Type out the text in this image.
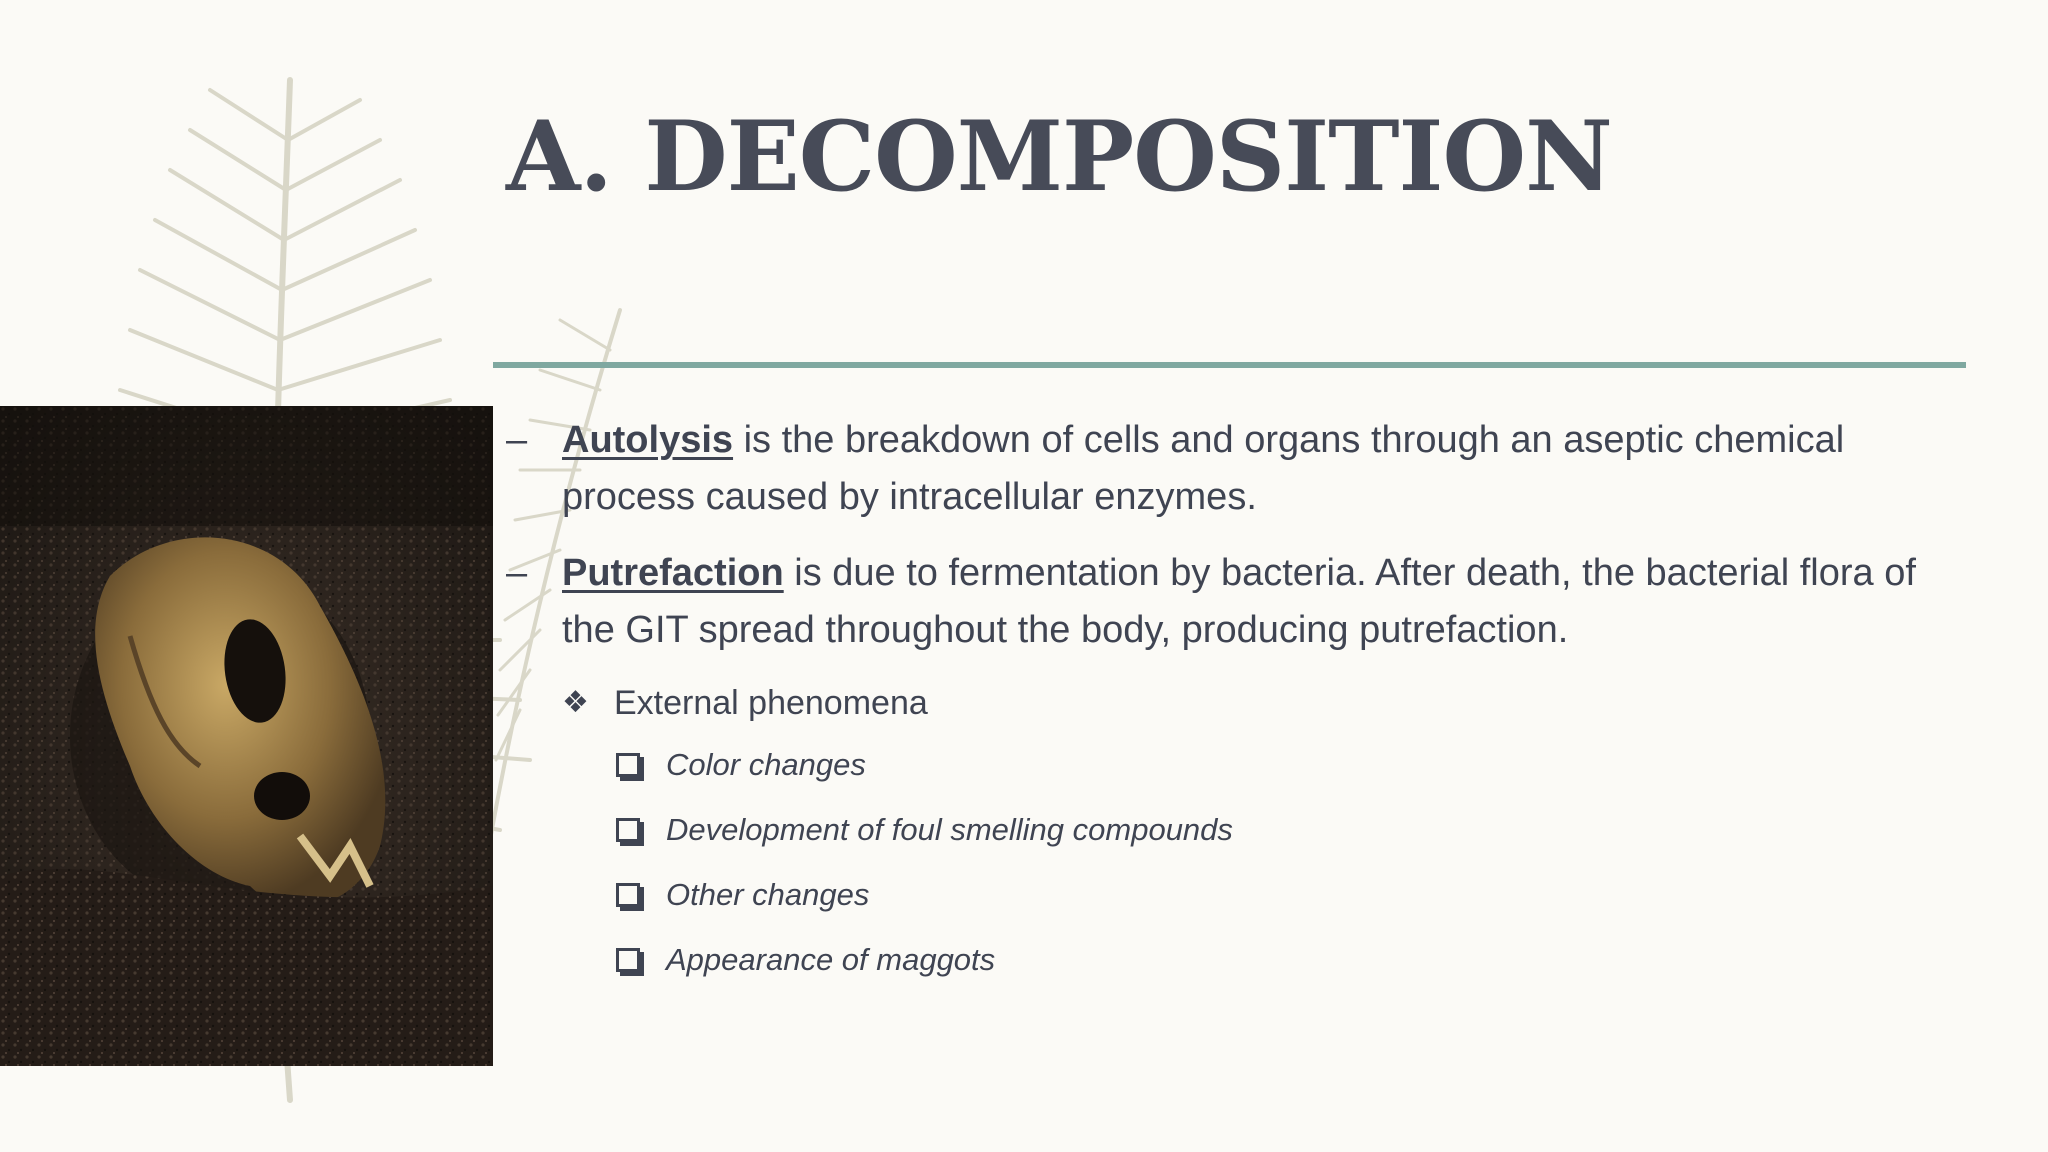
A. DECOMPOSITION
– Autolysis is the breakdown of cells and organs through an aseptic chemical process caused by intracellular enzymes.
– Putrefaction is due to fermentation by bacteria. After death, the bacterial flora of the GIT spread throughout the body, producing putrefaction.
❖ External phenomena
Color changes
Development of foul smelling compounds
Other changes
Appearance of maggots
